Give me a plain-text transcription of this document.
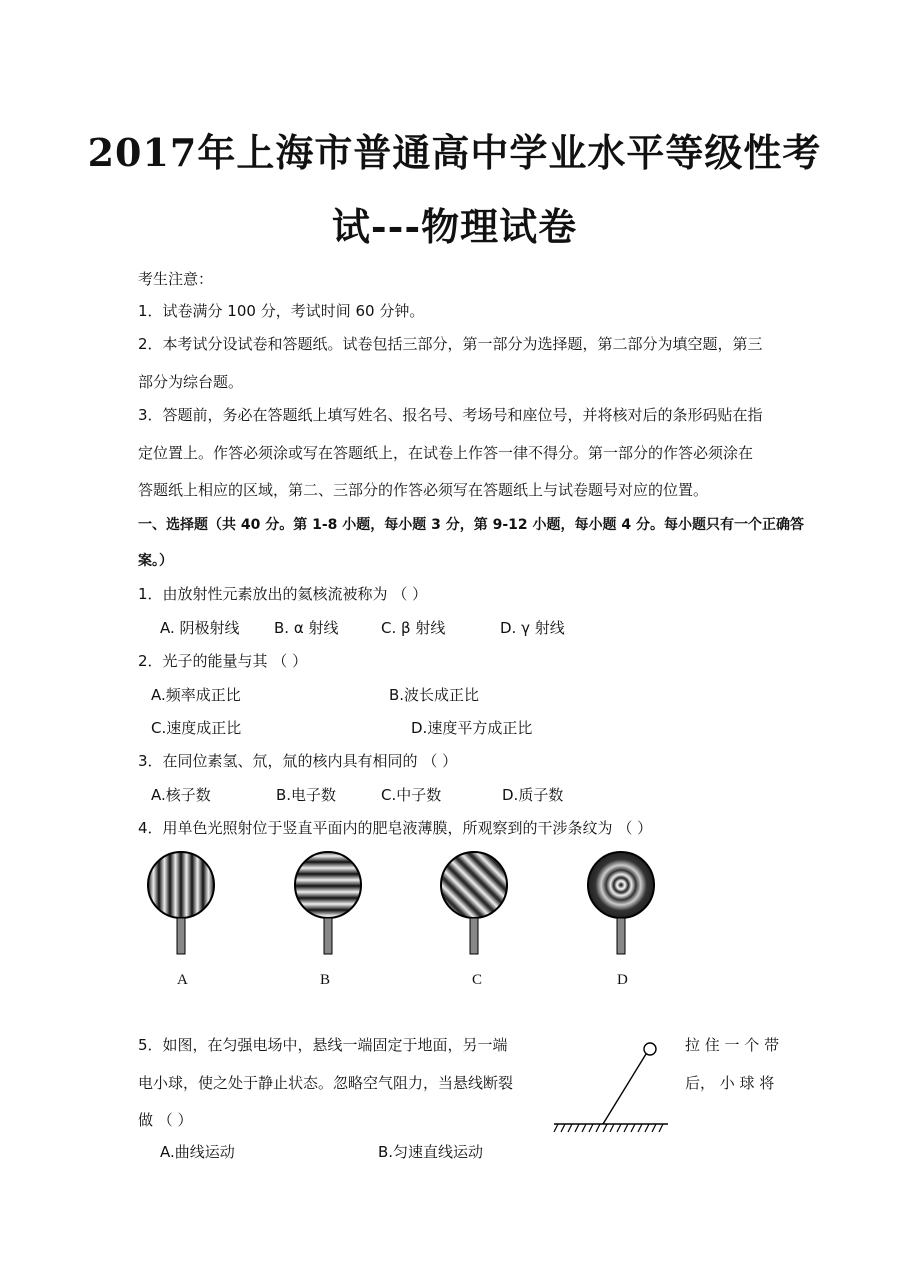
2017年上海市普通高中学业水平等级性考
试---物理试卷
考生注意：
1．试卷满分 100 分，考试时间 60 分钟。
2．本考试分设试卷和答题纸。试卷包括三部分，第一部分为选择题，第二部分为填空题，第三
部分为综台题。
3．答题前，务必在答题纸上填写姓名、报名号、考场号和座位号，并将核对后的条形码贴在指
定位置上。作答必须涂或写在答题纸上，在试卷上作答一律不得分。第一部分的作答必须涂在
答题纸上相应的区域，第二、三部分的作答必须写在答题纸上与试卷题号对应的位置。
一、选择题（共 40 分。第 1-8 小题，每小题 3 分，第 9-12 小题，每小题 4 分。每小题只有一个正确答
案。）
1．由放射性元素放出的氦核流被称为 （ ）
A. 阴极射线 B. α 射线	C. β 射线	D. γ 射线
2．光子的能量与其 （ ）
A.频率成正比	B.波长成正比
C.速度成正比	D.速度平方成正比
3．在同位素氢、氘，氚的核内具有相同的 （ ）
A.核子数	B.电子数	C.中子数	D.质子数
4．用单色光照射位于竖直平面内的肥皂液薄膜，所观察到的干涉条纹为 （ ）
A	B	C	D
5．如图，在匀强电场中，悬线一端固定于地面，另一端	拉 住 一 个 带
电小球，使之处于静止状态。忽略空气阻力，当悬线断裂	后， 小 球 将
做 （ ）
A.曲线运动	B.匀速直线运动
